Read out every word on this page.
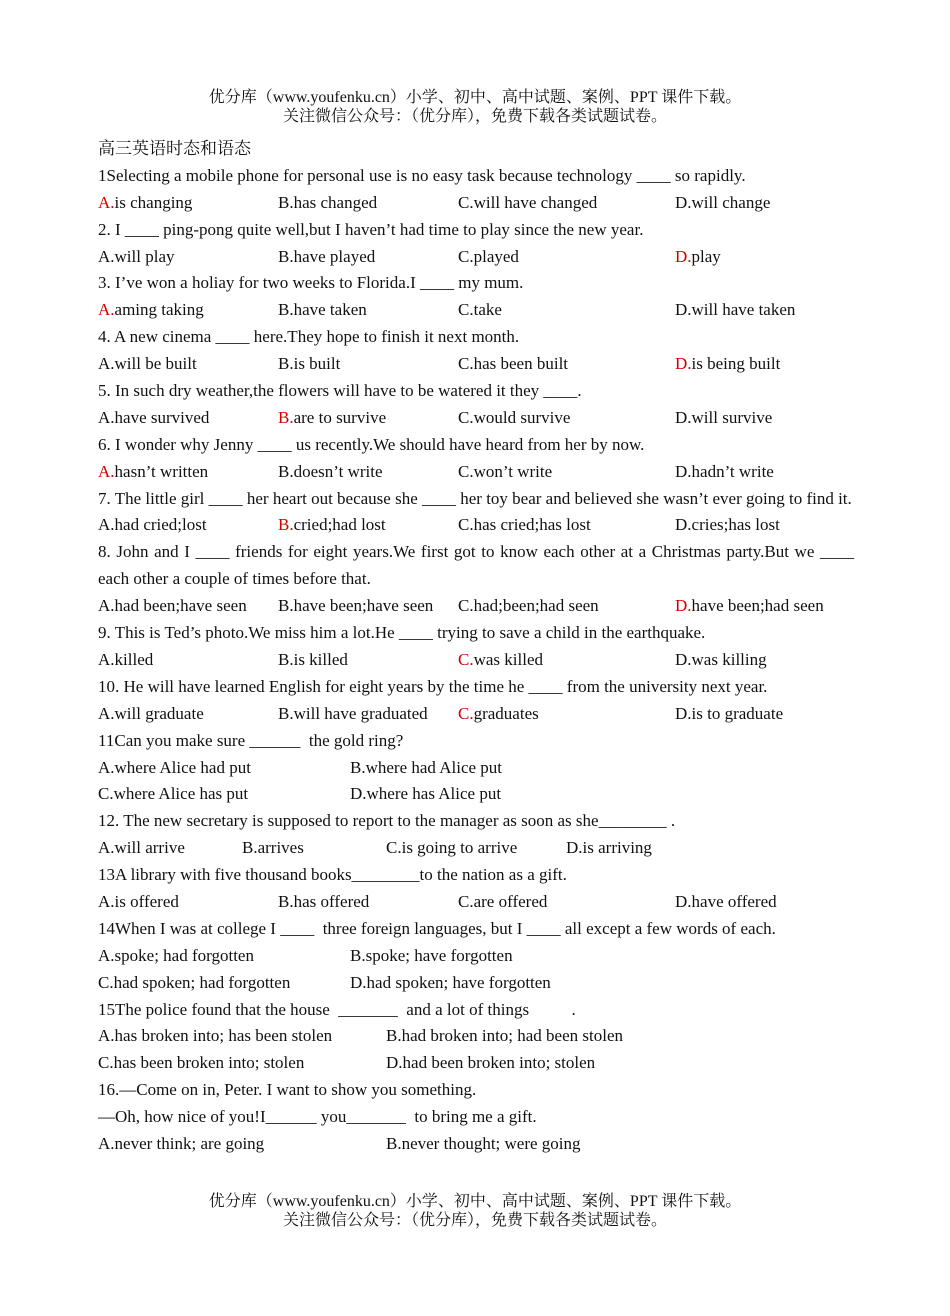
优分库（www.youfenku.cn）小学、初中、高中试题、案例、PPT 课件下载。
关注微信公众号：（优分库），免费下载各类试题试卷。
高三英语时态和语态
1Selecting a mobile phone for personal use is no easy task because technology ____ so rapidly.
A.is changing	B.has changed	C.will have changed	D.will change
2. I ____ ping-pong quite well,but I haven’t had time to play since the new year.
A.will play	B.have played	C.played	D.play
3. I’ve won a holiay for two weeks to Florida.I ____ my mum.
A.aming taking	B.have taken	C.take	D.will have taken
4. A new cinema ____ here.They hope to finish it next month.
A.will be built	B.is built	C.has been built	D.is being built
5. In such dry weather,the flowers will have to be watered it they ____.
A.have survived	B.are to survive	C.would survive	D.will survive
6. I wonder why Jenny ____ us recently.We should have heard from her by now.
A.hasn’t written	B.doesn’t write	C.won’t write	D.hadn’t write
7. The little girl ____ her heart out because she ____ her toy bear and believed she wasn’t ever going to find it.
A.had cried;lost	B.cried;had lost	C.has cried;has lost	D.cries;has lost
8. John and I ____ friends for eight years.We first got to know each other at a Christmas party.But we ____ each other a couple of times before that.
A.had been;have seen B.have been;have seen C.had;been;had seen	D.have been;had seen
9. This is Ted’s photo.We miss him a lot.He ____ trying to save a child in the earthquake.
A.killed	B.is killed	C.was killed	D.was killing
10. He will have learned English for eight years by the time he ____ from the university next year.
A.will graduate	B.will have graduated C.graduates	D.is to graduate
11Can you make sure ______  the gold ring?
A.where Alice had put	B.where had Alice put
C.where Alice has put	D.where has Alice put
12. The new secretary is supposed to report to the manager as soon as she________ .
A.will arrive	B.arrives	C.is going to arrive	D.is arriving
13A library with five thousand books________to the nation as a gift.
A.is offered	B.has offered	C.are offered	D.have offered
14When I was at college I ____  three foreign languages, but I ____ all except a few words of each.
A.spoke; had forgotten	B.spoke; have forgotten
C.had spoken; had forgotten	D.had spoken; have forgotten
15The police found that the house  _______  and a lot of things          .
A.has broken into; has been stolen	B.had broken into; had been stolen
C.has been broken into; stolen	D.had been broken into; stolen
16.—Come on in, Peter. I want to show you something.
—Oh, how nice of you!I______ you_______  to bring me a gift.
A.never think; are going	B.never thought; were going
优分库（www.youfenku.cn）小学、初中、高中试题、案例、PPT 课件下载。
关注微信公众号：（优分库），免费下载各类试题试卷。
